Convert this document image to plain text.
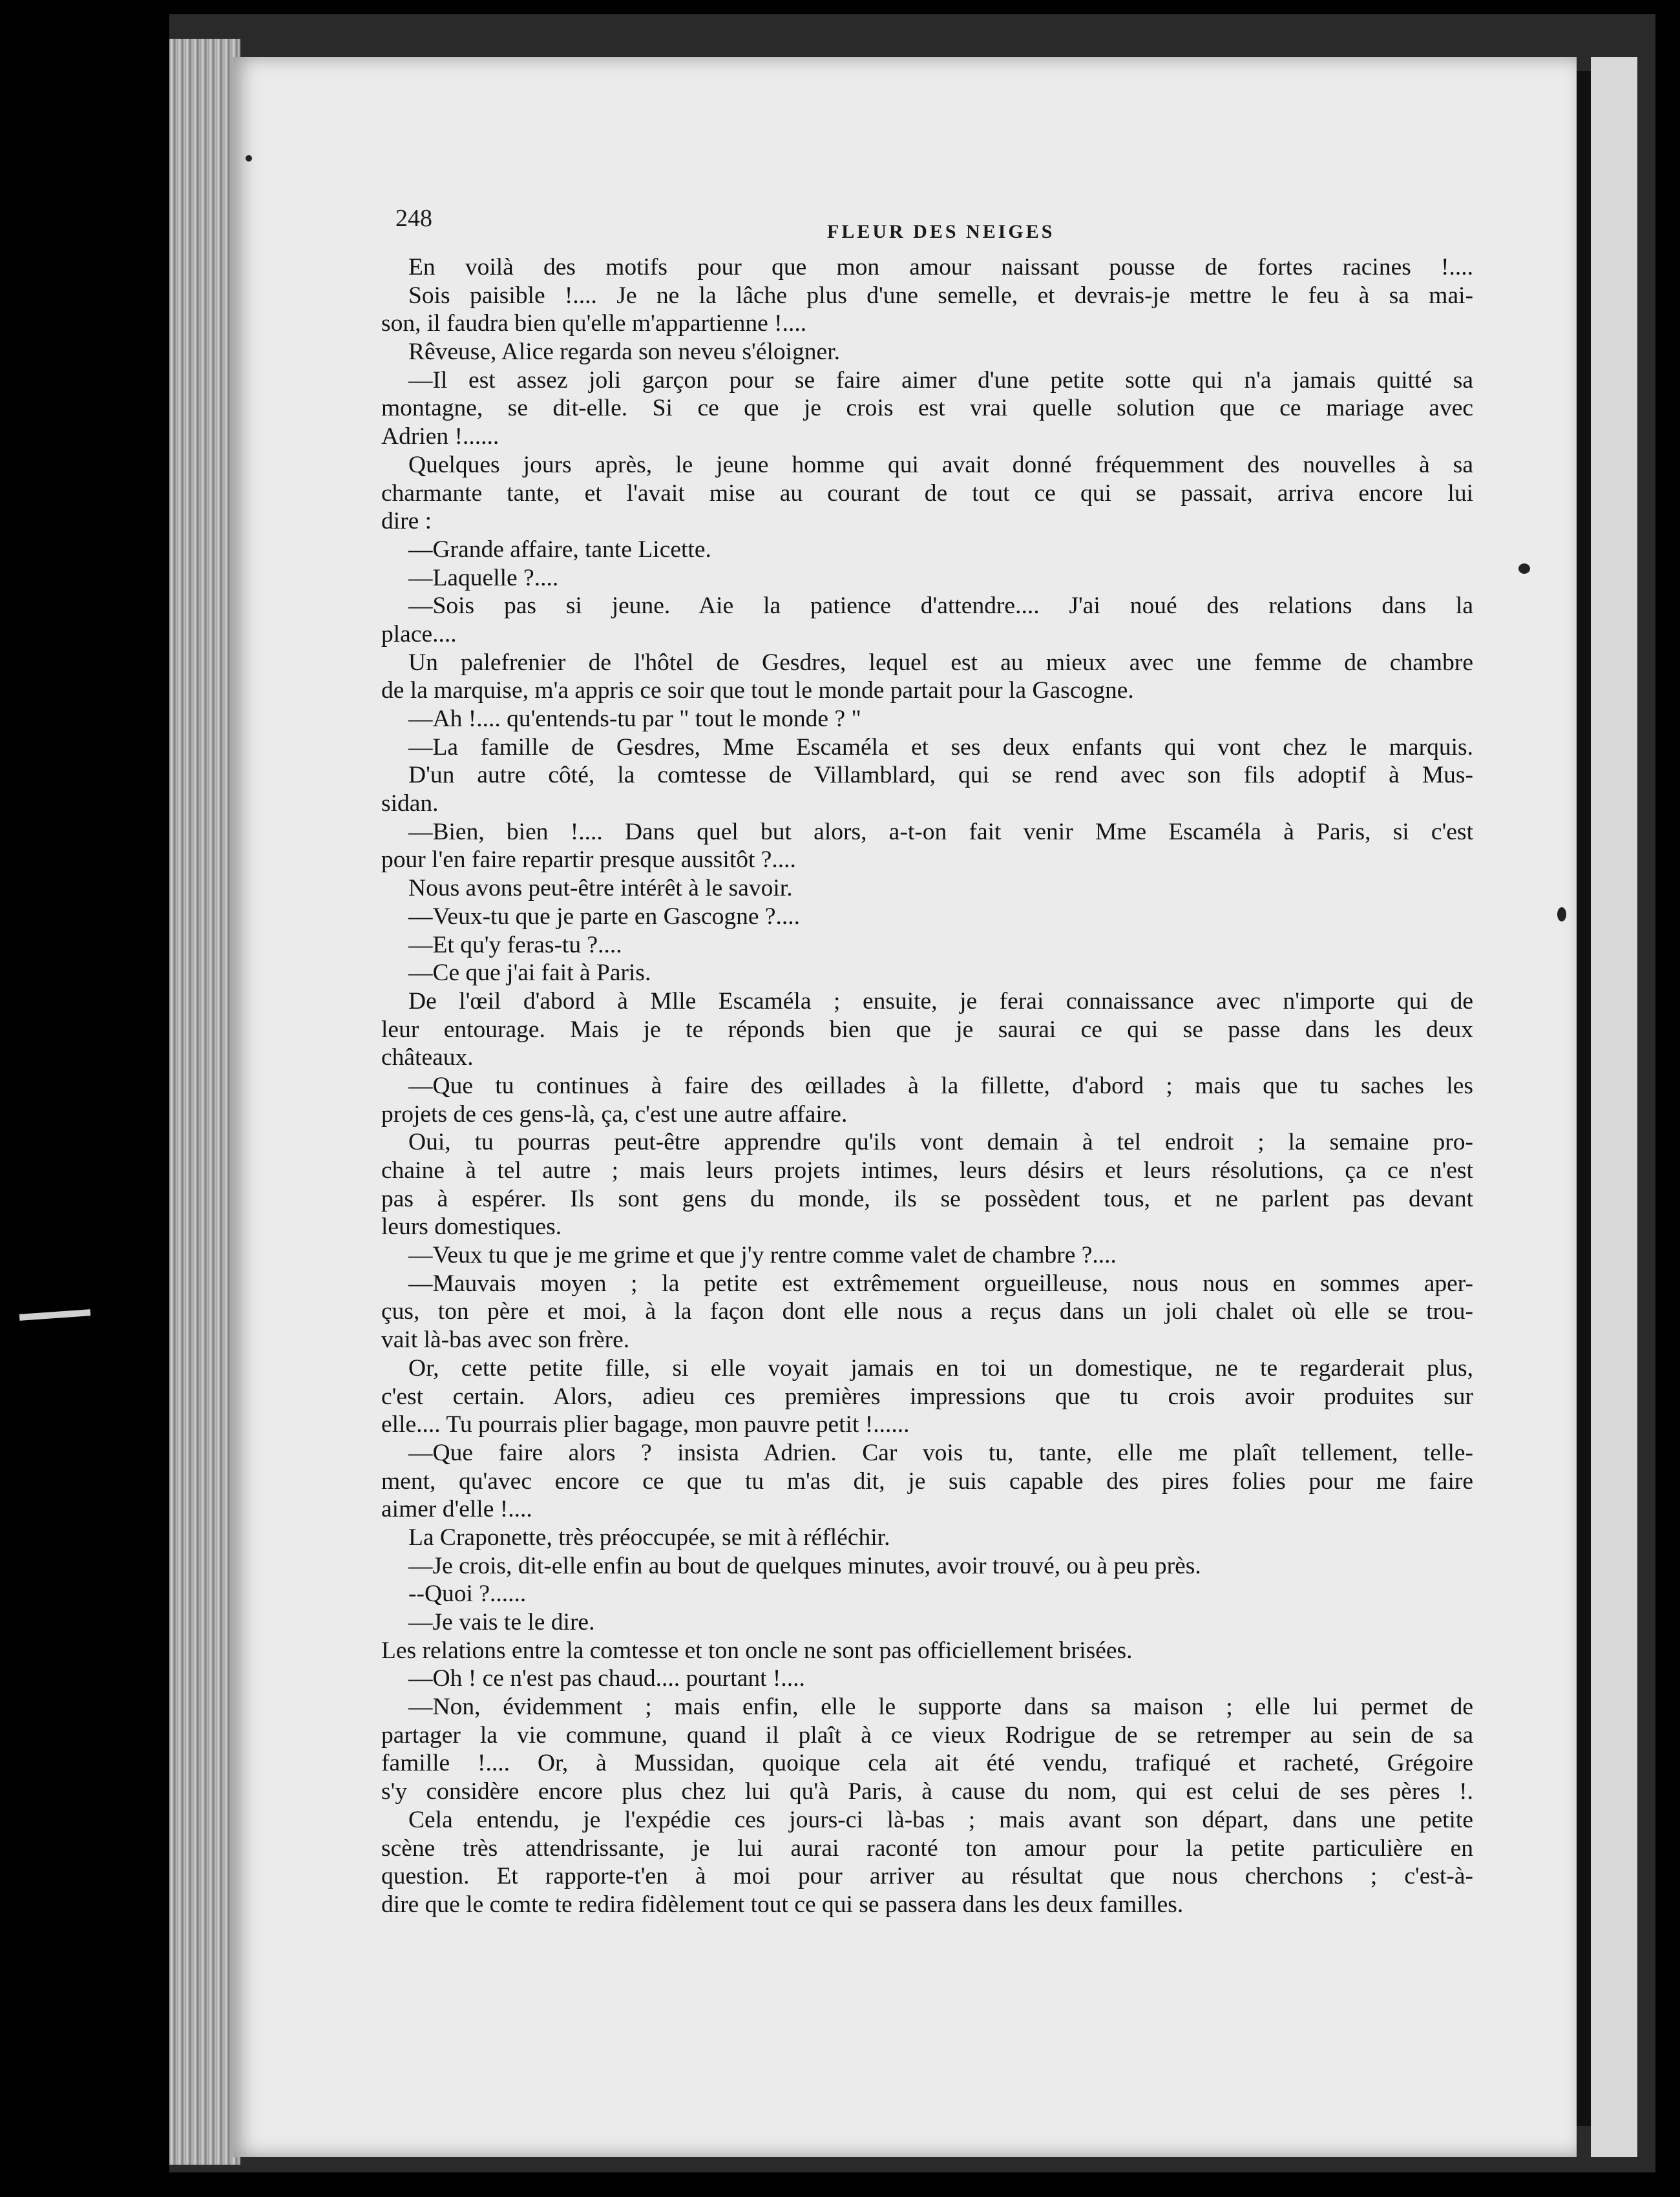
248	FLEUR DES NEIGES
En voilà des motifs pour que mon amour naissant pousse de fortes racines !....
Sois paisible !.... Je ne la lâche plus d'une semelle, et devrais-je mettre le feu à sa mai-
son, il faudra bien qu'elle m'appartienne !....
Rêveuse, Alice regarda son neveu s'éloigner.
—Il est assez joli garçon pour se faire aimer d'une petite sotte qui n'a jamais quitté sa
montagne, se dit-elle. Si ce que je crois est vrai quelle solution que ce mariage avec
Adrien !......
Quelques jours après, le jeune homme qui avait donné fréquemment des nouvelles à sa
charmante tante, et l'avait mise au courant de tout ce qui se passait, arriva encore lui
dire :
—Grande affaire, tante Licette.
—Laquelle ?....
—Sois pas si jeune. Aie la patience d'attendre.... J'ai noué des relations dans la
place....
Un palefrenier de l'hôtel de Gesdres, lequel est au mieux avec une femme de chambre
de la marquise, m'a appris ce soir que tout le monde partait pour la Gascogne.
—Ah !.... qu'entends-tu par " tout le monde ? "
—La famille de Gesdres, Mme Escaméla et ses deux enfants qui vont chez le marquis.
D'un autre côté, la comtesse de Villamblard, qui se rend avec son fils adoptif à Mus-
sidan.
—Bien, bien !.... Dans quel but alors, a-t-on fait venir Mme Escaméla à Paris, si c'est
pour l'en faire repartir presque aussitôt ?....
Nous avons peut-être intérêt à le savoir.
—Veux-tu que je parte en Gascogne ?....
—Et qu'y feras-tu ?....
—Ce que j'ai fait à Paris.
De l'œil d'abord à Mlle Escaméla ; ensuite, je ferai connaissance avec n'importe qui de
leur entourage. Mais je te réponds bien que je saurai ce qui se passe dans les deux
châteaux.
—Que tu continues à faire des œillades à la fillette, d'abord ; mais que tu saches les
projets de ces gens-là, ça, c'est une autre affaire.
Oui, tu pourras peut-être apprendre qu'ils vont demain à tel endroit ; la semaine pro-
chaine à tel autre ; mais leurs projets intimes, leurs désirs et leurs résolutions, ça ce n'est
pas à espérer. Ils sont gens du monde, ils se possèdent tous, et ne parlent pas devant
leurs domestiques.
—Veux tu que je me grime et que j'y rentre comme valet de chambre ?....
—Mauvais moyen ; la petite est extrêmement orgueilleuse, nous nous en sommes aper-
çus, ton père et moi, à la façon dont elle nous a reçus dans un joli chalet où elle se trou-
vait là-bas avec son frère.
Or, cette petite fille, si elle voyait jamais en toi un domestique, ne te regarderait plus,
c'est certain. Alors, adieu ces premières impressions que tu crois avoir produites sur
elle.... Tu pourrais plier bagage, mon pauvre petit !......
—Que faire alors ? insista Adrien. Car vois tu, tante, elle me plaît tellement, telle-
ment, qu'avec encore ce que tu m'as dit, je suis capable des pires folies pour me faire
aimer d'elle !....
La Craponette, très préoccupée, se mit à réfléchir.
—Je crois, dit-elle enfin au bout de quelques minutes, avoir trouvé, ou à peu près.
--Quoi ?......
—Je vais te le dire.
Les relations entre la comtesse et ton oncle ne sont pas officiellement brisées.
—Oh ! ce n'est pas chaud.... pourtant !....
—Non, évidemment ; mais enfin, elle le supporte dans sa maison ; elle lui permet de
partager la vie commune, quand il plaît à ce vieux Rodrigue de se retremper au sein de sa
famille !.... Or, à Mussidan, quoique cela ait été vendu, trafiqué et racheté, Grégoire
s'y considère encore plus chez lui qu'à Paris, à cause du nom, qui est celui de ses pères !.
Cela entendu, je l'expédie ces jours-ci là-bas ; mais avant son départ, dans une petite
scène très attendrissante, je lui aurai raconté ton amour pour la petite particulière en
question. Et rapporte-t'en à moi pour arriver au résultat que nous cherchons ; c'est-à-
dire que le comte te redira fidèlement tout ce qui se passera dans les deux familles.
